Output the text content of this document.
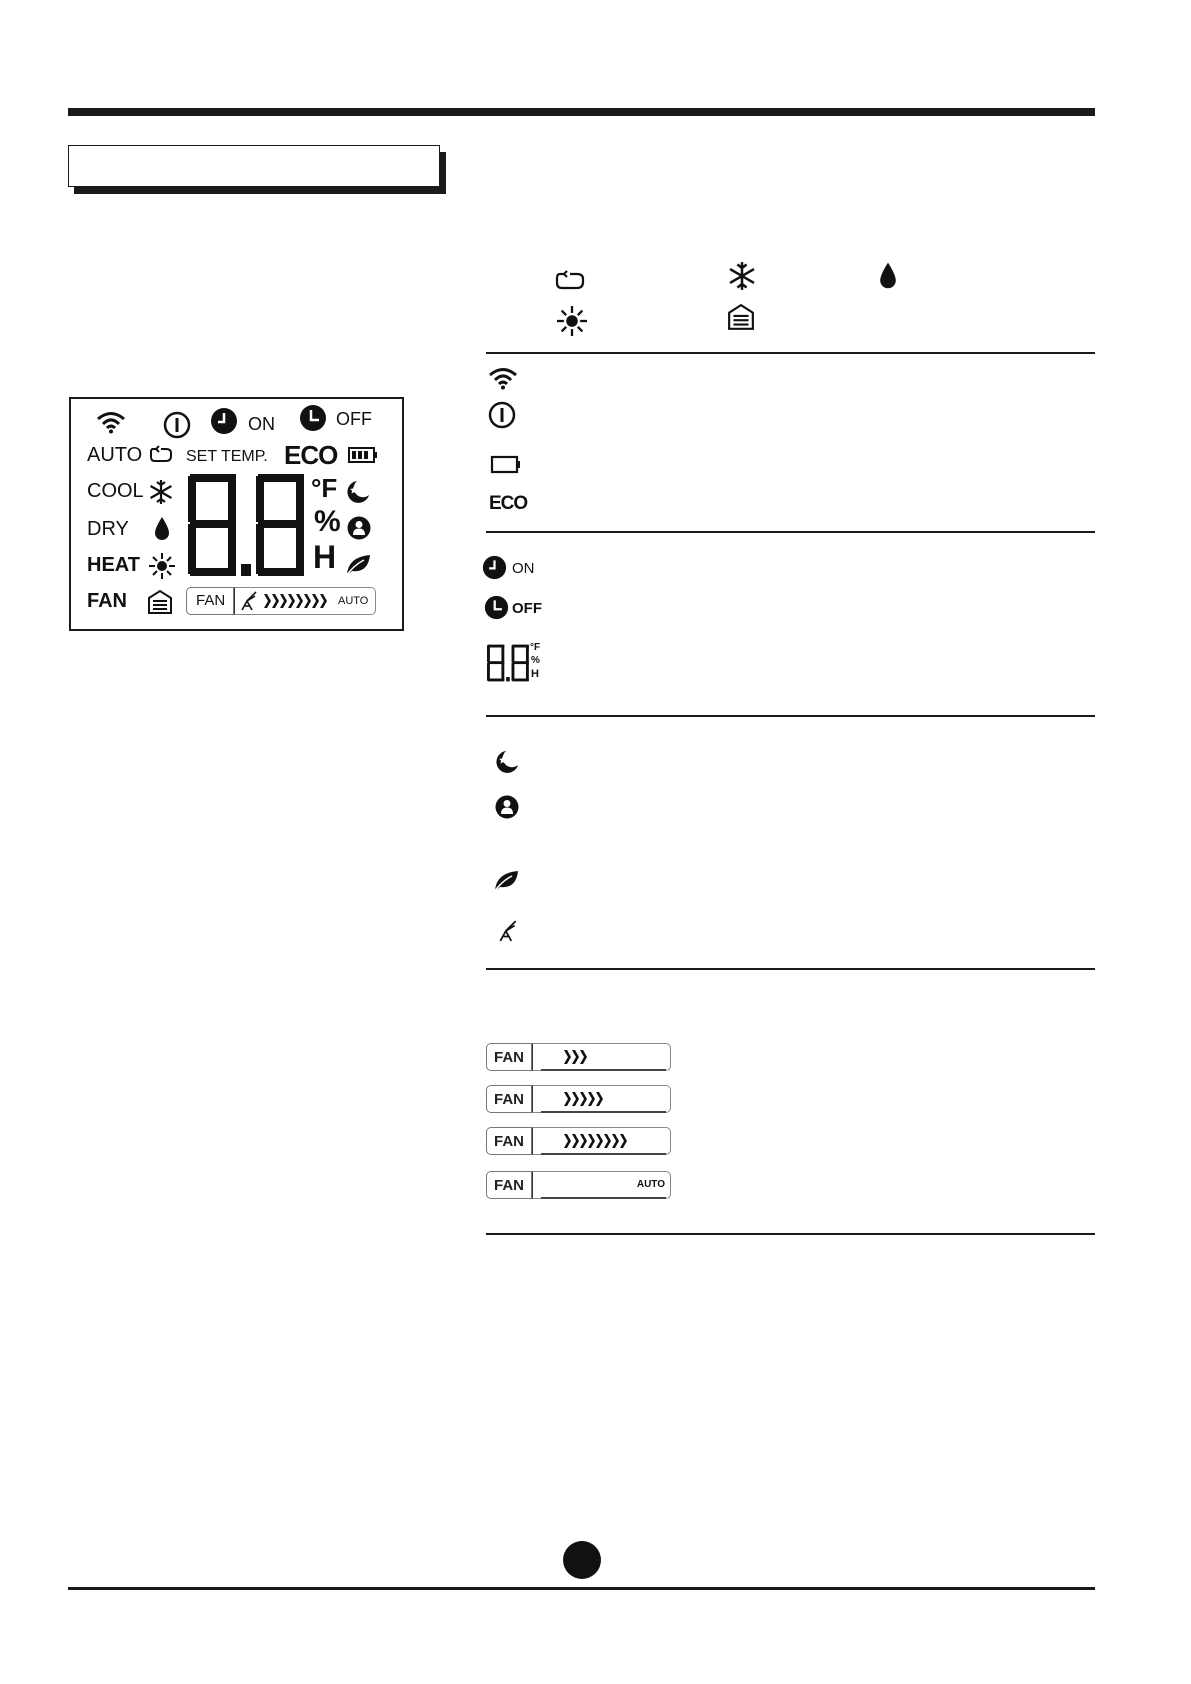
ON	OFF
AUTO	SET TEMP. ECO
COOL
DRY
HEAT
FAN
°F
%
H
FAN	AUTO
ECO
ON
OFF
°F
%
H
FAN
FAN
FAN
FAN	AUTO
